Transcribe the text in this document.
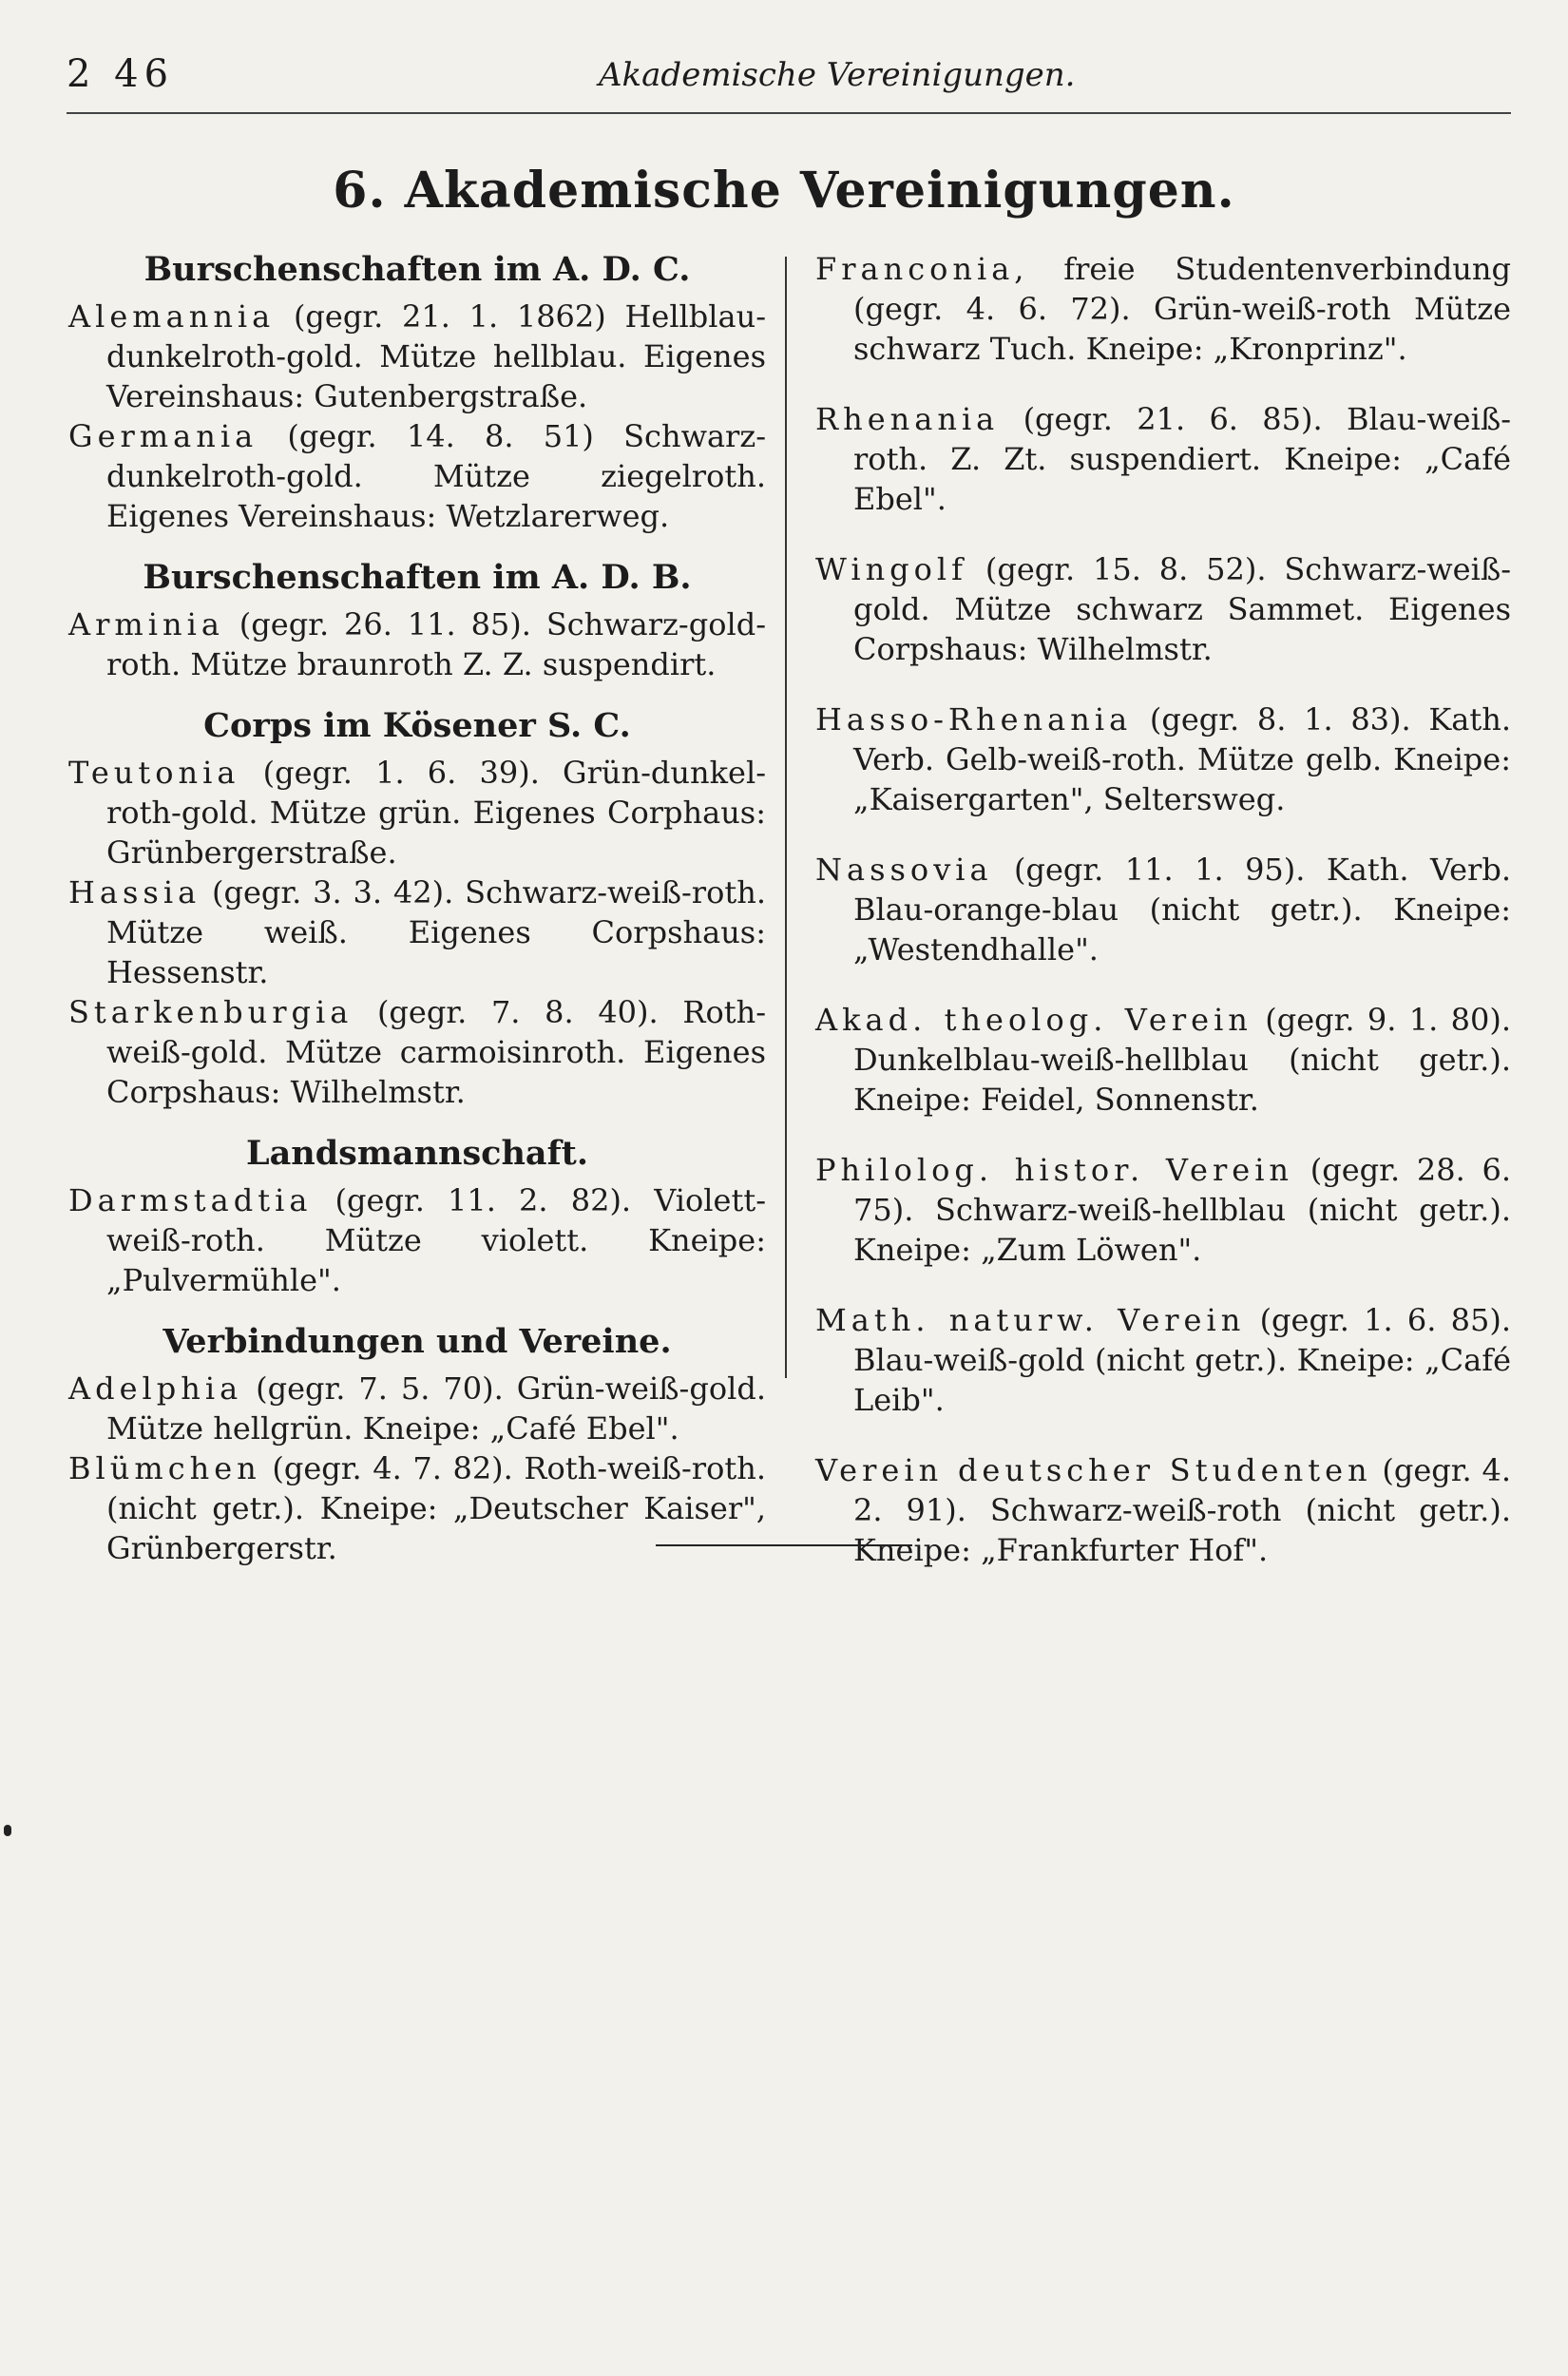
2 46	Akademische Vereinigungen.
6. Akademische Vereinigungen.
Burschenschaften im A. D. C.

Alemannia (gegr. 21. 1. 1862) Hellblau-dunkelroth-gold. Mütze hellblau. Eigenes Vereinshaus: Gutenbergstraße.

Germania (gegr. 14. 8. 51) Schwarz-dunkelroth-gold. Mütze ziegelroth. Eigenes Vereinshaus: Wetzlarerweg.

Burschenschaften im A. D. B.

Arminia (gegr. 26. 11. 85). Schwarz-gold-roth. Mütze braunroth Z. Z. suspendirt.

Corps im Kösener S. C.

Teutonia (gegr. 1. 6. 39). Grün-dunkel-roth-gold. Mütze grün. Eigenes Corphaus: Grünbergerstraße.

Hassia (gegr. 3. 3. 42). Schwarz-weiß-roth. Mütze weiß. Eigenes Corpshaus: Hessenstr.

Starkenburgia (gegr. 7. 8. 40). Roth-weiß-gold. Mütze carmoisinroth. Eigenes Corpshaus: Wilhelmstr.

Landsmannschaft.

Darmstadtia (gegr. 11. 2. 82). Violett-weiß-roth. Mütze violett. Kneipe: „Pulvermühle".

Verbindungen und Vereine.

Adelphia (gegr. 7. 5. 70). Grün-weiß-gold. Mütze hellgrün. Kneipe: „Café Ebel".

Blümchen (gegr. 4. 7. 82). Roth-weiß-roth. (nicht getr.). Kneipe: „Deutscher Kaiser", Grünbergerstr.

Franconia, freie Studentenverbindung (gegr. 4. 6. 72). Grün-weiß-roth Mütze schwarz Tuch. Kneipe: „Kronprinz".

Rhenania (gegr. 21. 6. 85). Blau-weiß-roth. Z. Zt. suspendiert. Kneipe: „Café Ebel".

Wingolf (gegr. 15. 8. 52). Schwarz-weiß-gold. Mütze schwarz Sammet. Eigenes Corpshaus: Wilhelmstr.

Hasso-Rhenania (gegr. 8. 1. 83). Kath. Verb. Gelb-weiß-roth. Mütze gelb. Kneipe: „Kaisergarten", Seltersweg.

Nassovia (gegr. 11. 1. 95). Kath. Verb. Blau-orange-blau (nicht getr.). Kneipe: „Westendhalle".

Akad. theolog. Verein (gegr. 9. 1. 80). Dunkelblau-weiß-hellblau (nicht getr.). Kneipe: Feidel, Sonnenstr.

Philolog. histor. Verein (gegr. 28. 6. 75). Schwarz-weiß-hellblau (nicht getr.). Kneipe: „Zum Löwen".

Math. naturw. Verein (gegr. 1. 6. 85). Blau-weiß-gold (nicht getr.). Kneipe: „Café Leib".

Verein deutscher Studenten (gegr. 4. 2. 91). Schwarz-weiß-roth (nicht getr.). Kneipe: „Frankfurter Hof".
